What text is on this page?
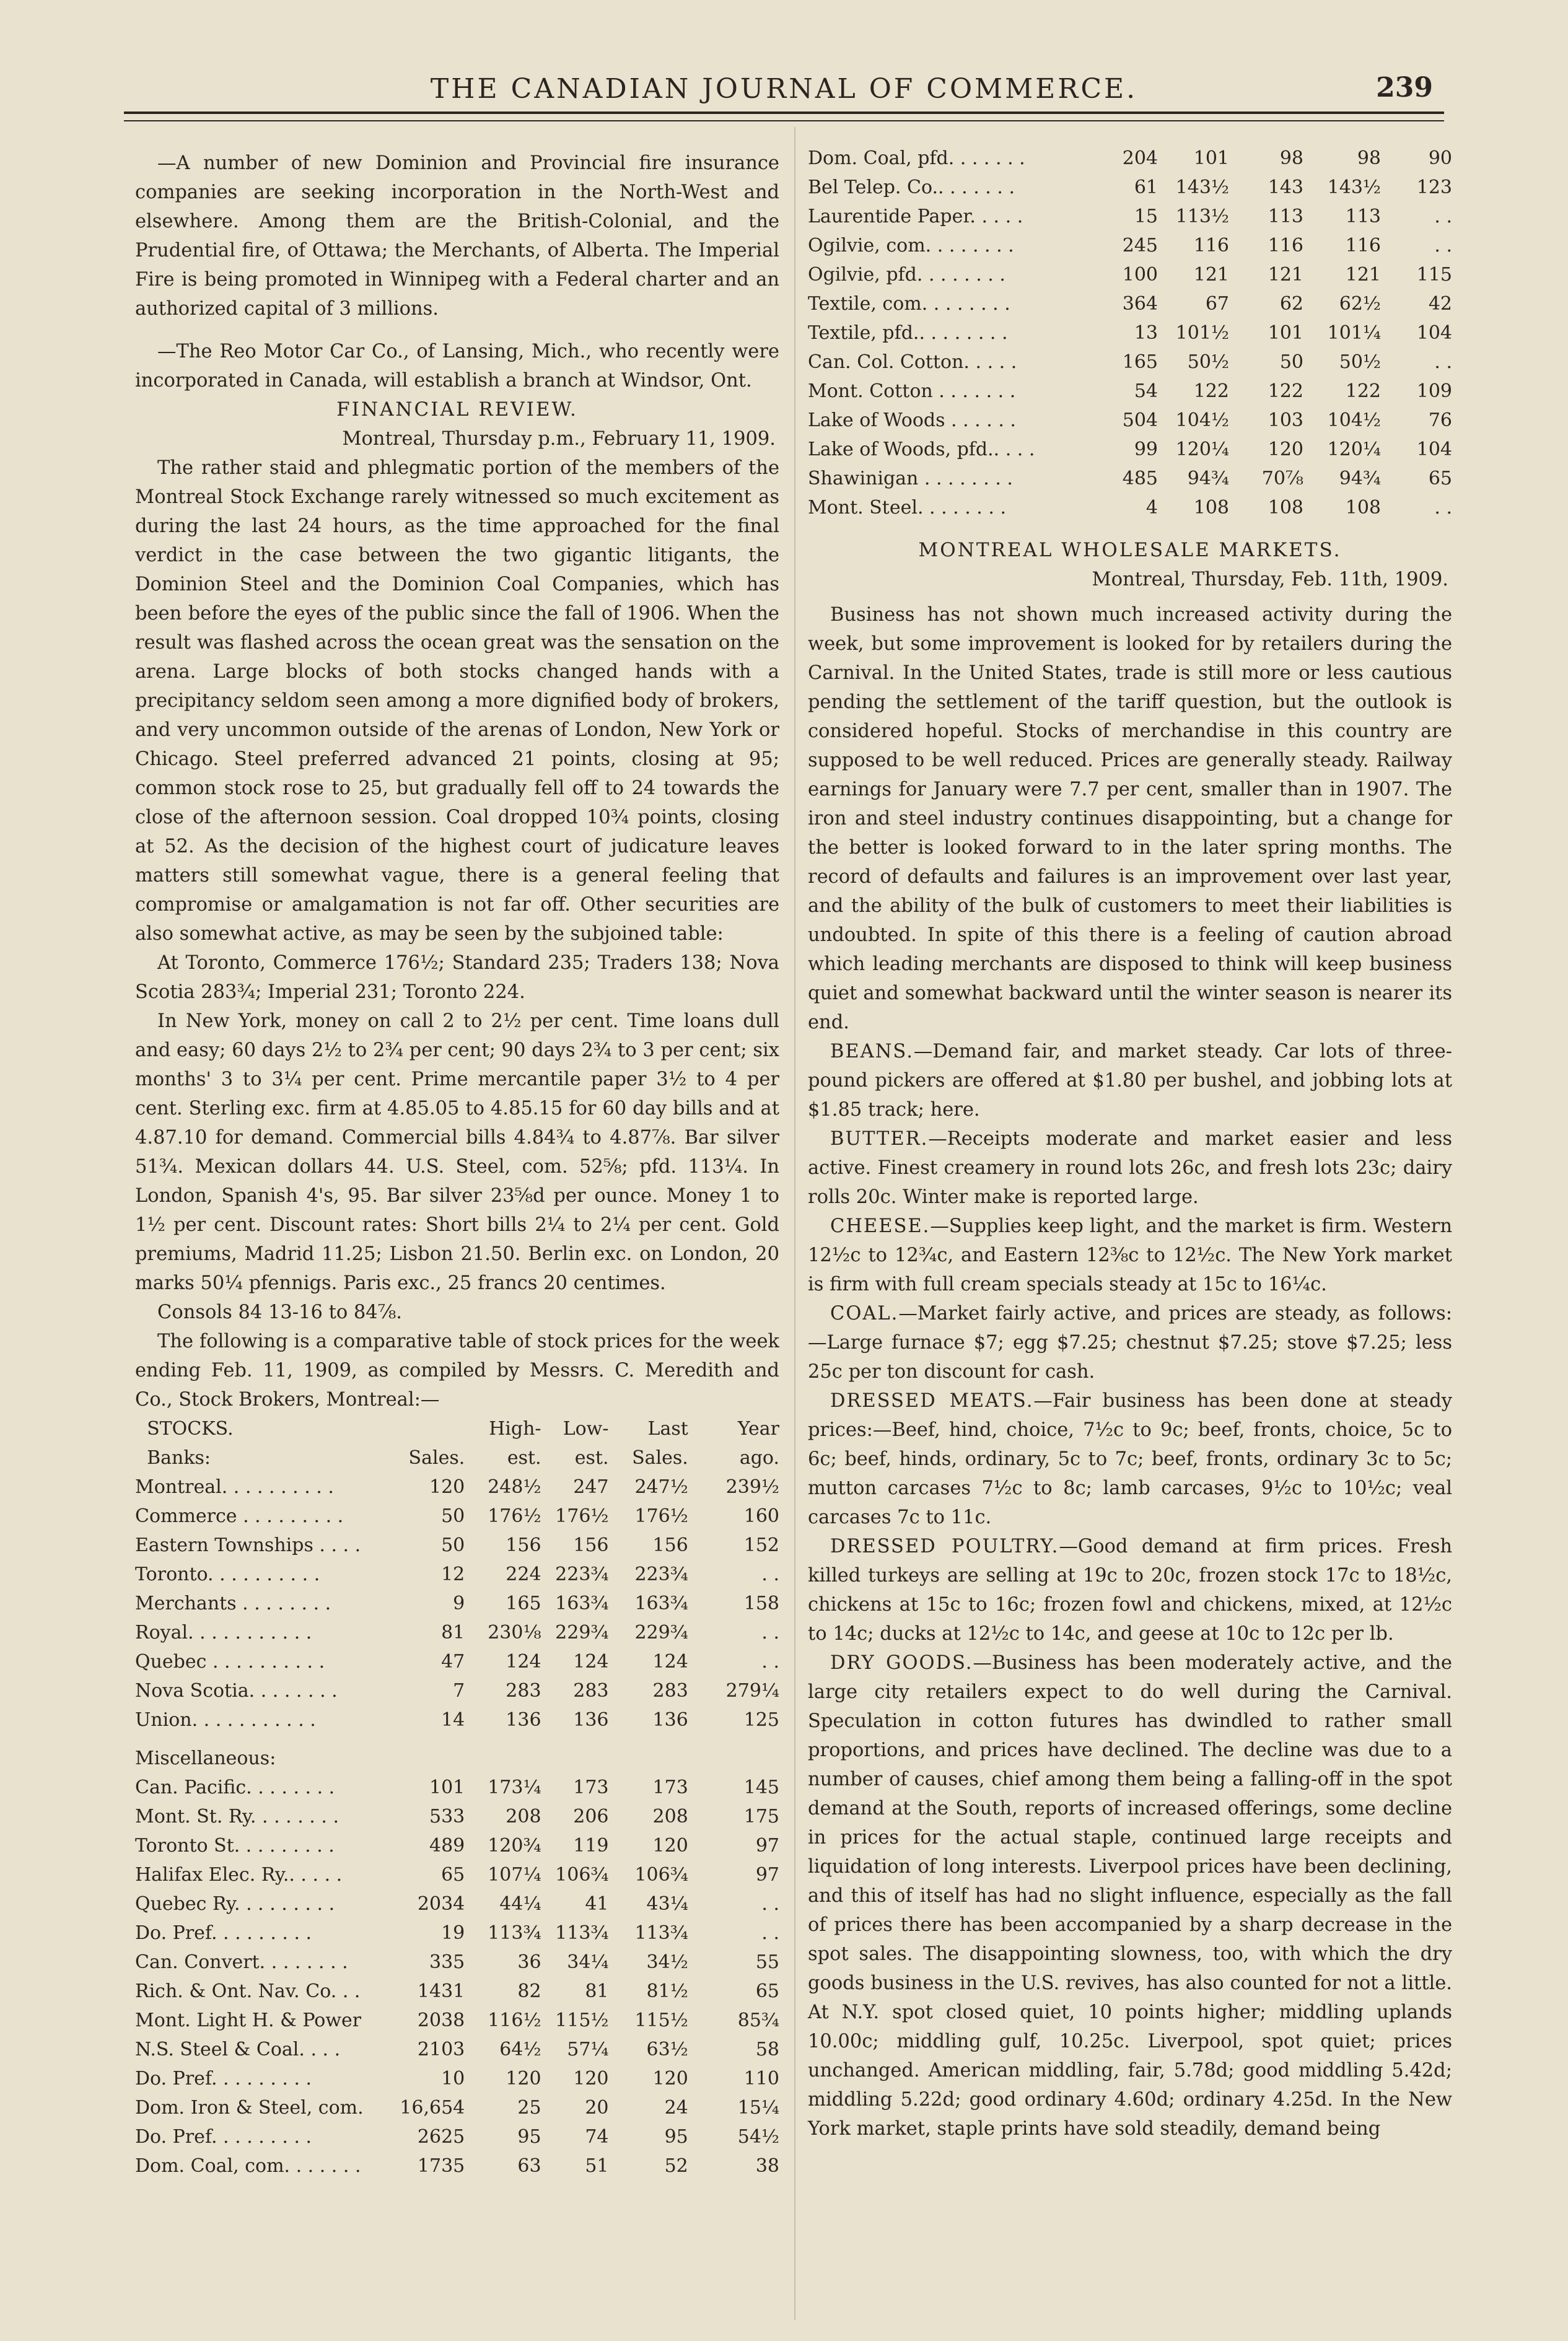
THE CANADIAN JOURNAL OF COMMERCE.	239

—A number of new Dominion and Provincial fire insurance companies are seeking incorporation in the North-West and elsewhere. Among them are the British-Colonial, and the Prudential fire, of Ottawa; the Merchants, of Alberta. The Imperial Fire is being promoted in Winnipeg with a Federal charter and an authorized capital of 3 millions.

—The Reo Motor Car Co., of Lansing, Mich., who recently were incorporated in Canada, will establish a branch at Windsor, Ont.

FINANCIAL REVIEW.

Montreal, Thursday p.m., February 11, 1909.

The rather staid and phlegmatic portion of the members of the Montreal Stock Exchange rarely witnessed so much excitement as during the last 24 hours, as the time approached for the final verdict in the case between the two gigantic litigants, the Dominion Steel and the Dominion Coal Companies, which has been before the eyes of the public since the fall of 1906. When the result was flashed across the ocean great was the sensation on the arena. Large blocks of both stocks changed hands with a precipitancy seldom seen among a more dignified body of brokers, and very uncommon outside of the arenas of London, New York or Chicago. Steel preferred advanced 21 points, closing at 95; common stock rose to 25, but gradually fell off to 24 towards the close of the afternoon session. Coal dropped 10¾ points, closing at 52. As the decision of the highest court of judicature leaves matters still somewhat vague, there is a general feeling that compromise or amalgamation is not far off. Other securities are also somewhat active, as may be seen by the subjoined table:

At Toronto, Commerce 176½; Standard 235; Traders 138; Nova Scotia 283¾; Imperial 231; Toronto 224.

In New York, money on call 2 to 2½ per cent. Time loans dull and easy; 60 days 2½ to 2¾ per cent; 90 days 2¾ to 3 per cent; six months' 3 to 3¼ per cent. Prime mercantile paper 3½ to 4 per cent. Sterling exc. firm at 4.85.05 to 4.85.15 for 60 day bills and at 4.87.10 for demand. Commercial bills 4.84¾ to 4.87⅞. Bar silver 51¾. Mexican dollars 44. U.S. Steel, com. 52⅝; pfd. 113¼. In London, Spanish 4's, 95. Bar silver 23⅝d per ounce. Money 1 to 1½ per cent. Discount rates: Short bills 2¼ to 2¼ per cent. Gold premiums, Madrid 11.25; Lisbon 21.50. Berlin exc. on London, 20 marks 50¼ pfennigs. Paris exc., 25 francs 20 centimes.

Consols 84 13-16 to 84⅞.

The following is a comparative table of stock prices for the week ending Feb. 11, 1909, as compiled by Messrs. C. Meredith and Co., Stock Brokers, Montreal:—

STOCKS.		High-	Low-	Last	Year
Banks:	Sales.	est.	est.	Sales.	ago.
Montreal. . . . . . . . . .	120	248½	247	247½	239½
Commerce . . . . . . . . .	50	176½	176½	176½	160
Eastern Townships . . . .	50	156	156	156	152
Toronto. . . . . . . . . .	12	224	223¾	223¾	. .
Merchants . . . . . . . .	9	165	163¾	163¾	158
Royal. . . . . . . . . . .	81	230⅛	229¾	229¾	. .
Quebec . . . . . . . . . .	47	124	124	124	. .
Nova Scotia. . . . . . . .	7	283	283	283	279¼
Union. . . . . . . . . . .	14	136	136	136	125
Miscellaneous:					
Can. Pacific. . . . . . . .	101	173¼	173	173	145
Mont. St. Ry. . . . . . . .	533	208	206	208	175
Toronto St. . . . . . . . .	489	120¾	119	120	97
Halifax Elec. Ry.. . . . .	65	107¼	106¾	106¾	97
Quebec Ry. . . . . . . . .	2034	44¼	41	43¼	. .
Do. Pref. . . . . . . . .	19	113¾	113¾	113¾	. .
Can. Convert. . . . . . . .	335	36	34¼	34½	55
Rich. & Ont. Nav. Co. . .	1431	82	81	81½	65
Mont. Light H. & Power	2038	116½	115½	115½	85¾
N.S. Steel & Coal. . . .	2103	64½	57¼	63½	58
Do. Pref. . . . . . . . .	10	120	120	120	110
Dom. Iron & Steel, com.	16,654	25	20	24	15¼
Do. Pref. . . . . . . . .	2625	95	74	95	54½
Dom. Coal, com. . . . . . .	1735	63	51	52	38
Dom. Coal, pfd. . . . . . .	204	101	98	98	90
Bel Telep. Co.. . . . . . .	61	143½	143	143½	123
Laurentide Paper. . . . .	15	113½	113	113	. .
Ogilvie, com. . . . . . . .	245	116	116	116	. .
Ogilvie, pfd. . . . . . . .	100	121	121	121	115
Textile, com. . . . . . . .	364	67	62	62½	42
Textile, pfd.. . . . . . . .	13	101½	101	101¼	104
Can. Col. Cotton. . . . .	165	50½	50	50½	. .
Mont. Cotton . . . . . . .	54	122	122	122	109
Lake of Woods . . . . . .	504	104½	103	104½	76
Lake of Woods, pfd.. . . .	99	120¼	120	120¼	104
Shawinigan . . . . . . . .	485	94¾	70⅞	94¾	65
Mont. Steel. . . . . . . .	4	108	108	108	. .

MONTREAL WHOLESALE MARKETS.

Montreal, Thursday, Feb. 11th, 1909.

Business has not shown much increased activity during the week, but some improvement is looked for by retailers during the Carnival. In the United States, trade is still more or less cautious pending the settlement of the tariff question, but the outlook is considered hopeful. Stocks of merchandise in this country are supposed to be well reduced. Prices are generally steady. Railway earnings for January were 7.7 per cent, smaller than in 1907. The iron and steel industry continues disappointing, but a change for the better is looked forward to in the later spring months. The record of defaults and failures is an improvement over last year, and the ability of the bulk of customers to meet their liabilities is undoubted. In spite of this there is a feeling of caution abroad which leading merchants are disposed to think will keep business quiet and somewhat backward until the winter season is nearer its end.

BEANS.—Demand fair, and market steady. Car lots of three-pound pickers are offered at $1.80 per bushel, and jobbing lots at $1.85 track; here.

BUTTER.—Receipts moderate and market easier and less active. Finest creamery in round lots 26c, and fresh lots 23c; dairy rolls 20c. Winter make is reported large.

CHEESE.—Supplies keep light, and the market is firm. Western 12½c to 12¾c, and Eastern 12⅜c to 12½c. The New York market is firm with full cream specials steady at 15c to 16¼c.

COAL.—Market fairly active, and prices are steady, as follows:—Large furnace $7; egg $7.25; chestnut $7.25; stove $7.25; less 25c per ton discount for cash.

DRESSED MEATS.—Fair business has been done at steady prices:—Beef, hind, choice, 7½c to 9c; beef, fronts, choice, 5c to 6c; beef, hinds, ordinary, 5c to 7c; beef, fronts, ordinary 3c to 5c; mutton carcases 7½c to 8c; lamb carcases, 9½c to 10½c; veal carcases 7c to 11c.

DRESSED POULTRY.—Good demand at firm prices. Fresh killed turkeys are selling at 19c to 20c, frozen stock 17c to 18½c, chickens at 15c to 16c; frozen fowl and chickens, mixed, at 12½c to 14c; ducks at 12½c to 14c, and geese at 10c to 12c per lb.

DRY GOODS.—Business has been moderately active, and the large city retailers expect to do well during the Carnival. Speculation in cotton futures has dwindled to rather small proportions, and prices have declined. The decline was due to a number of causes, chief among them being a falling-off in the spot demand at the South, reports of increased offerings, some decline in prices for the actual staple, continued large receipts and liquidation of long interests. Liverpool prices have been declining, and this of itself has had no slight influence, especially as the fall of prices there has been accompanied by a sharp decrease in the spot sales. The disappointing slowness, too, with which the dry goods business in the U.S. revives, has also counted for not a little. At N.Y. spot closed quiet, 10 points higher; middling uplands 10.00c; middling gulf, 10.25c. Liverpool, spot quiet; prices unchanged. American middling, fair, 5.78d; good middling 5.42d; middling 5.22d; good ordinary 4.60d; ordinary 4.25d. In the New York market, staple prints have sold steadily, demand being
